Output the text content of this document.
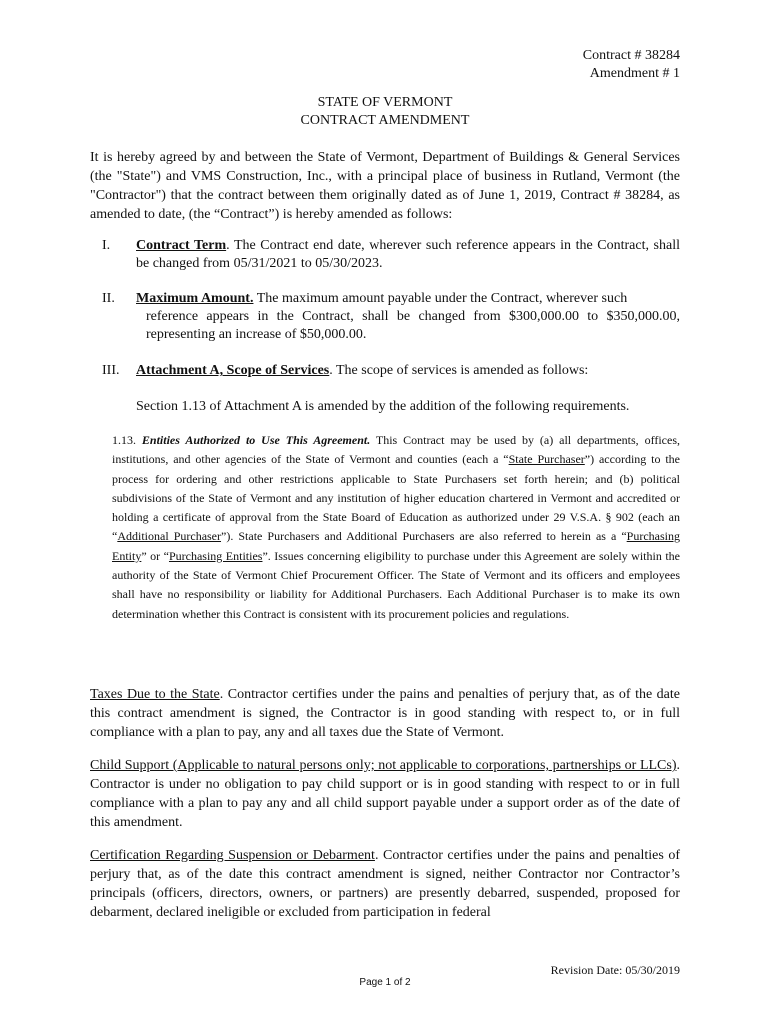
Contract # 38284
Amendment # 1
STATE OF VERMONT
CONTRACT AMENDMENT
It is hereby agreed by and between the State of Vermont, Department of Buildings & General Services (the "State") and VMS Construction, Inc., with a principal place of business in Rutland, Vermont (the "Contractor") that the contract between them originally dated as of June 1, 2019, Contract # 38284, as amended to date, (the “Contract”) is hereby amended as follows:
I. Contract Term. The Contract end date, wherever such reference appears in the Contract, shall be changed from 05/31/2021 to 05/30/2023.
II. Maximum Amount. The maximum amount payable under the Contract, wherever such
reference appears in the Contract, shall be changed from $300,000.00 to $350,000.00, representing an increase of $50,000.00.
III. Attachment A, Scope of Services. The scope of services is amended as follows:
Section 1.13 of Attachment A is amended by the addition of the following requirements.
1.13. Entities Authorized to Use This Agreement. This Contract may be used by (a) all departments, offices, institutions, and other agencies of the State of Vermont and counties (each a “State Purchaser”) according to the process for ordering and other restrictions applicable to State Purchasers set forth herein; and (b) political subdivisions of the State of Vermont and any institution of higher education chartered in Vermont and accredited or holding a certificate of approval from the State Board of Education as authorized under 29 V.S.A. § 902 (each an “Additional Purchaser”). State Purchasers and Additional Purchasers are also referred to herein as a “Purchasing Entity” or “Purchasing Entities”. Issues concerning eligibility to purchase under this Agreement are solely within the authority of the State of Vermont Chief Procurement Officer. The State of Vermont and its officers and employees shall have no responsibility or liability for Additional Purchasers. Each Additional Purchaser is to make its own determination whether this Contract is consistent with its procurement policies and regulations.
Taxes Due to the State. Contractor certifies under the pains and penalties of perjury that, as of the date this contract amendment is signed, the Contractor is in good standing with respect to, or in full compliance with a plan to pay, any and all taxes due the State of Vermont.
Child Support (Applicable to natural persons only; not applicable to corporations, partnerships or LLCs). Contractor is under no obligation to pay child support or is in good standing with respect to or in full compliance with a plan to pay any and all child support payable under a support order as of the date of this amendment.
Certification Regarding Suspension or Debarment. Contractor certifies under the pains and penalties of perjury that, as of the date this contract amendment is signed, neither Contractor nor Contractor’s principals (officers, directors, owners, or partners) are presently debarred, suspended, proposed for debarment, declared ineligible or excluded from participation in federal
Revision Date: 05/30/2019
Page 1 of 2
